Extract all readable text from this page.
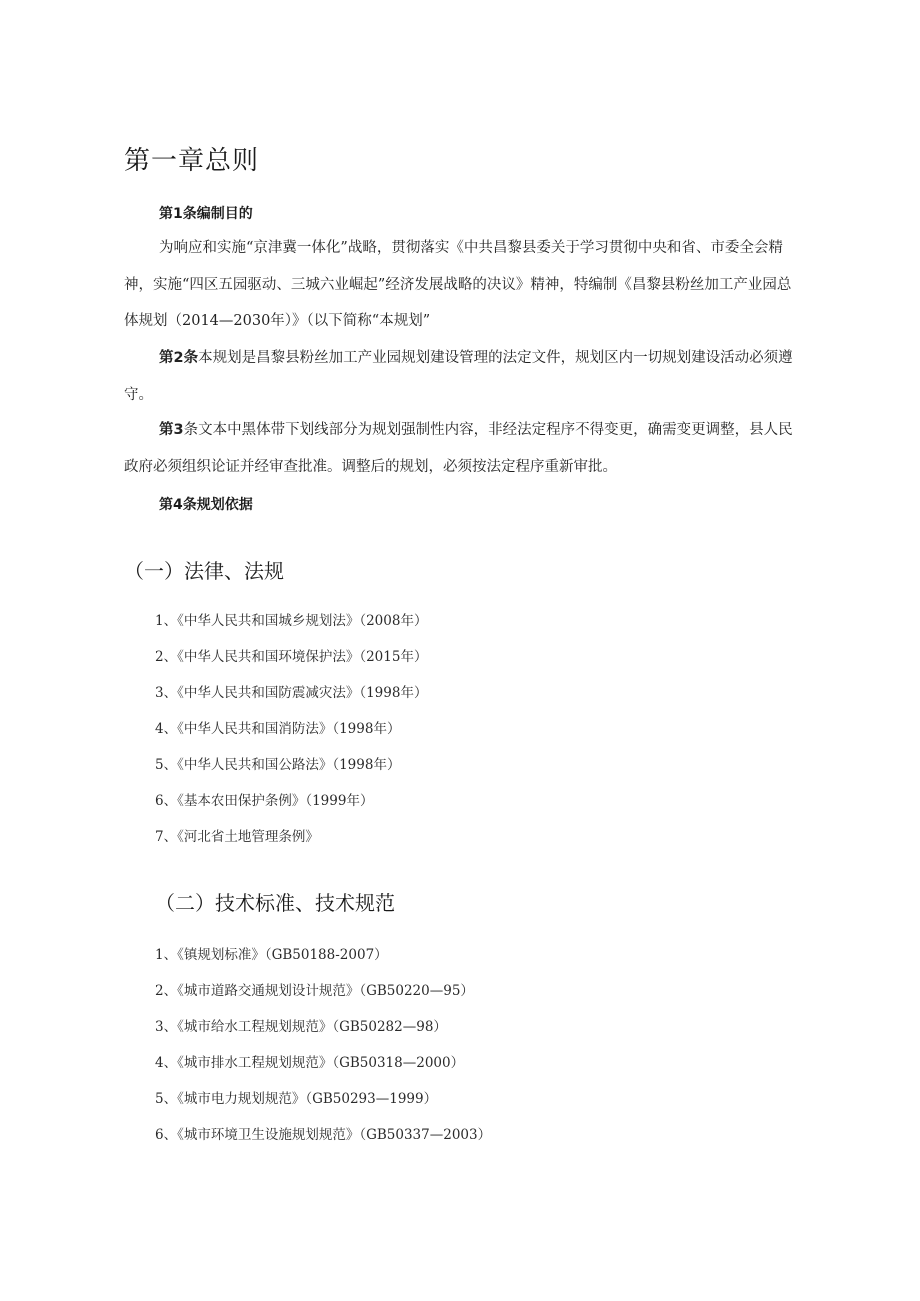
第一章总则
第1条编制目的
为响应和实施“京津冀一体化”战略，贯彻落实《中共昌黎县委关于学习贯彻中央和省、市委全会精神，实施“四区五园驱动、三城六业崛起”经济发展战略的决议》精神，特编制《昌黎县粉丝加工产业园总体规划（2014—2030年）》（以下简称“本规划”
第2条本规划是昌黎县粉丝加工产业园规划建设管理的法定文件，规划区内一切规划建设活动必须遵守。
第3条文本中黑体带下划线部分为规划强制性内容，非经法定程序不得变更，确需变更调整，县人民政府必须组织论证并经审查批准。调整后的规划，必须按法定程序重新审批。
第4条规划依据
（一）法律、法规
1、《中华人民共和国城乡规划法》（2008年）
2、《中华人民共和国环境保护法》（2015年）
3、《中华人民共和国防震减灾法》（1998年）
4、《中华人民共和国消防法》（1998年）
5、《中华人民共和国公路法》（1998年）
6、《基本农田保护条例》（1999年）
7、《河北省土地管理条例》
（二）技术标准、技术规范
1、《镇规划标准》（GB50188-2007）
2、《城市道路交通规划设计规范》（GB50220—95）
3、《城市给水工程规划规范》（GB50282—98）
4、《城市排水工程规划规范》（GB50318—2000）
5、《城市电力规划规范》（GB50293—1999）
6、《城市环境卫生设施规划规范》（GB50337—2003）
